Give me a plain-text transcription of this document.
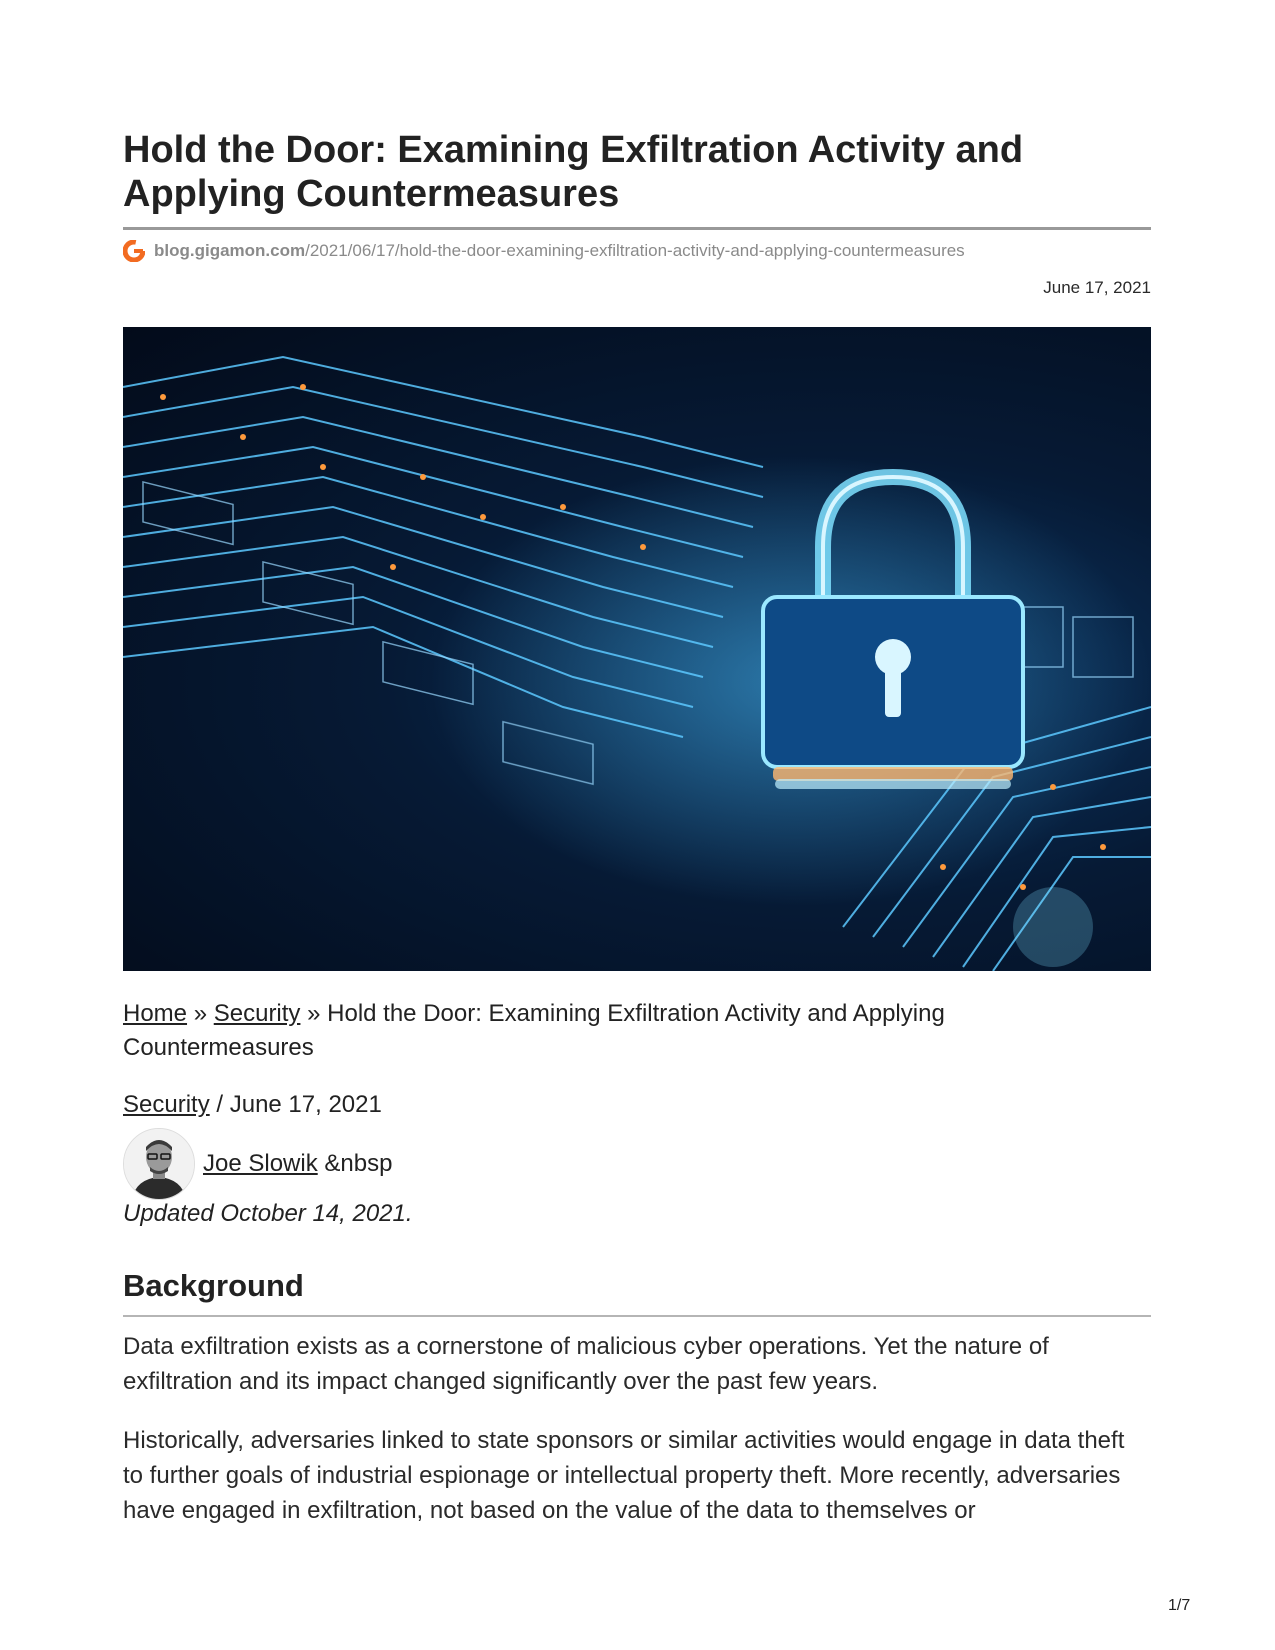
Hold the Door: Examining Exfiltration Activity and Applying Countermeasures
blog.gigamon.com /2021/06/17/hold-the-door-examining-exfiltration-activity-and-applying-countermeasures
June 17, 2021
Home » Security » Hold the Door: Examining Exfiltration Activity and Applying Countermeasures
Security / June 17, 2021
Joe Slowik
&nbsp
Updated October 14, 2021.
Background

Data exfiltration exists as a cornerstone of malicious cyber operations. Yet the nature of exfiltration and its impact changed significantly over the past few years.

Historically, adversaries linked to state sponsors or similar activities would engage in data theft to further goals of industrial espionage or intellectual property theft. More recently, adversaries have engaged in exfiltration, not based on the value of the data to themselves or

1/7
